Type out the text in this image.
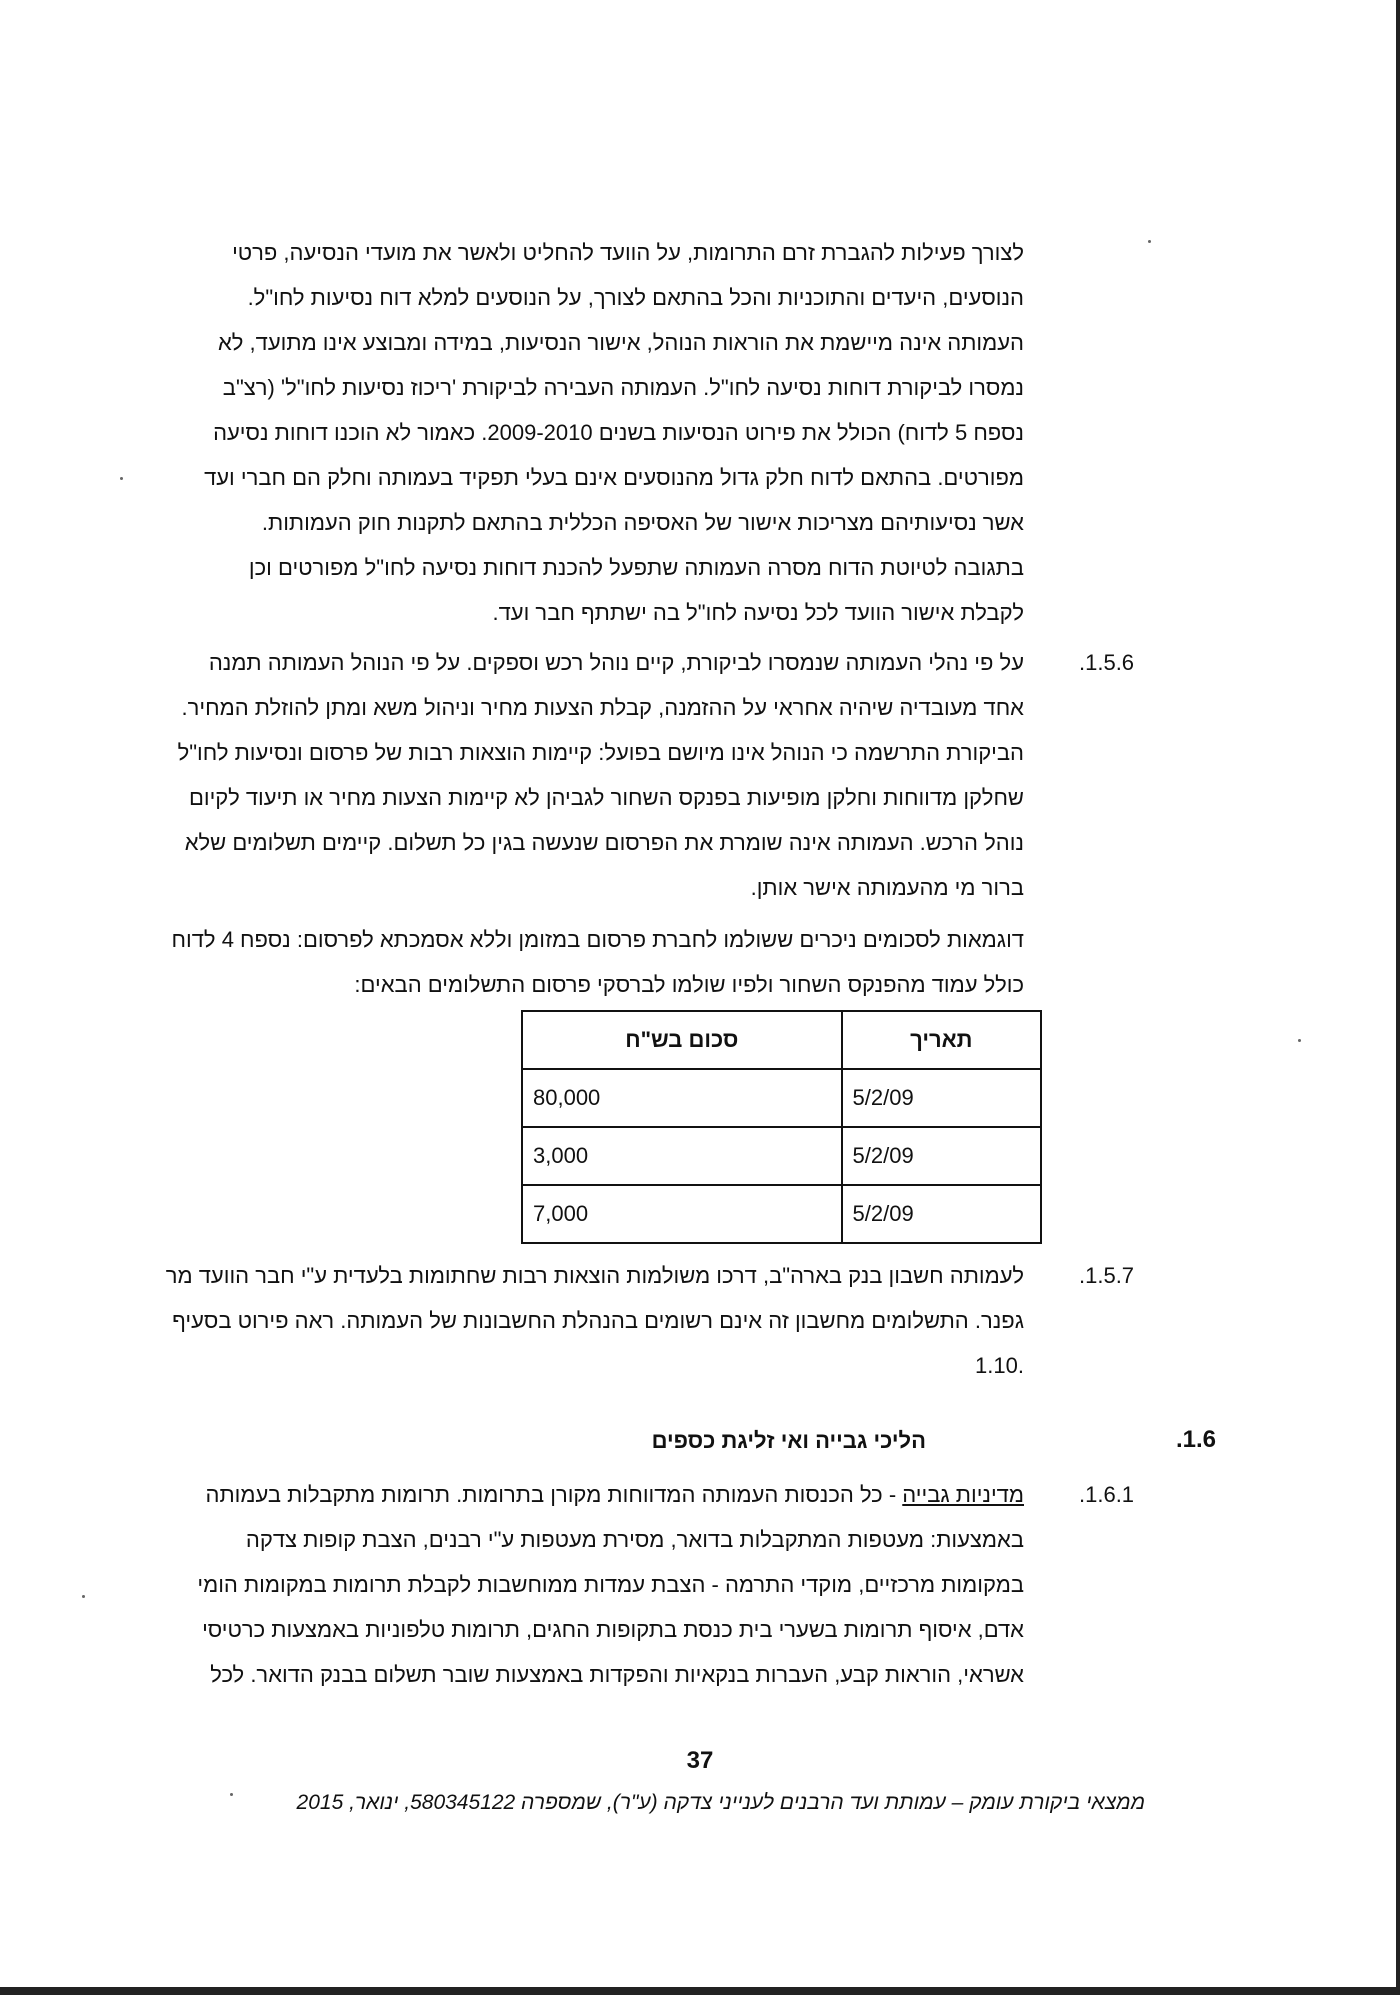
לצורך פעילות להגברת זרם התרומות, על הוועד להחליט ולאשר את מועדי הנסיעה, פרטי
הנוסעים, היעדים והתוכניות והכל בהתאם לצורך, על הנוסעים למלא דוח נסיעות לחו"ל.
העמותה אינה מיישמת את הוראות הנוהל, אישור הנסיעות, במידה ומבוצע אינו מתועד, לא
נמסרו לביקורת דוחות נסיעה לחו"ל. העמותה העבירה לביקורת 'ריכוז נסיעות לחו"ל' (רצ"ב
נספח 5 לדוח) הכולל את פירוט הנסיעות בשנים 2009-2010. כאמור לא הוכנו דוחות נסיעה
מפורטים. בהתאם לדוח חלק גדול מהנוסעים אינם בעלי תפקיד בעמותה וחלק הם חברי ועד
אשר נסיעותיהם מצריכות אישור של האסיפה הכללית בהתאם לתקנות חוק העמותות.
בתגובה לטיוטת הדוח מסרה העמותה שתפעל להכנת דוחות נסיעה לחו"ל מפורטים וכן
לקבלת אישור הוועד לכל נסיעה לחו"ל בה ישתתף חבר ועד.
.1.5.6
על פי נהלי העמותה שנמסרו לביקורת, קיים נוהל רכש וספקים. על פי הנוהל העמותה תמנה
אחד מעובדיה שיהיה אחראי על ההזמנה, קבלת הצעות מחיר וניהול משא ומתן להוזלת המחיר.
הביקורת התרשמה כי הנוהל אינו מיושם בפועל: קיימות הוצאות רבות של פרסום ונסיעות לחו"ל
שחלקן מדווחות וחלקן מופיעות בפנקס השחור לגביהן לא קיימות הצעות מחיר או תיעוד לקיום
נוהל הרכש. העמותה אינה שומרת את הפרסום שנעשה בגין כל תשלום. קיימים תשלומים שלא
ברור מי מהעמותה אישר אותן.
דוגמאות לסכומים ניכרים ששולמו לחברת פרסום במזומן וללא אסמכתא לפרסום: נספח 4 לדוח
כולל עמוד מהפנקס השחור ולפיו שולמו לברסקי פרסום התשלומים הבאים:
תאריך	סכום בש"ח
5/2/09	80,000
5/2/09	3,000
5/2/09	7,000
.1.5.7
לעמותה חשבון בנק בארה"ב, דרכו משולמות הוצאות רבות שחתומות בלעדית ע"י חבר הוועד מר
גפנר. התשלומים מחשבון זה אינם רשומים בהנהלת החשבונות של העמותה. ראה פירוט בסעיף
.1.10
.1.6
הליכי גבייה ואי זליגת כספים
.1.6.1
מדיניות גבייה - כל הכנסות העמותה המדווחות מקורן בתרומות. תרומות מתקבלות בעמותה
באמצעות: מעטפות המתקבלות בדואר, מסירת מעטפות ע"י רבנים, הצבת קופות צדקה
במקומות מרכזיים, מוקדי התרמה - הצבת עמדות ממוחשבות לקבלת תרומות במקומות הומי
אדם, איסוף תרומות בשערי בית כנסת בתקופות החגים, תרומות טלפוניות באמצעות כרטיסי
אשראי, הוראות קבע, העברות בנקאיות והפקדות באמצעות שובר תשלום בבנק הדואר. לכל
37
ממצאי ביקורת עומק – עמותת ועד הרבנים לענייני צדקה (ע"ר), שמספרה 580345122, ינואר, 2015
